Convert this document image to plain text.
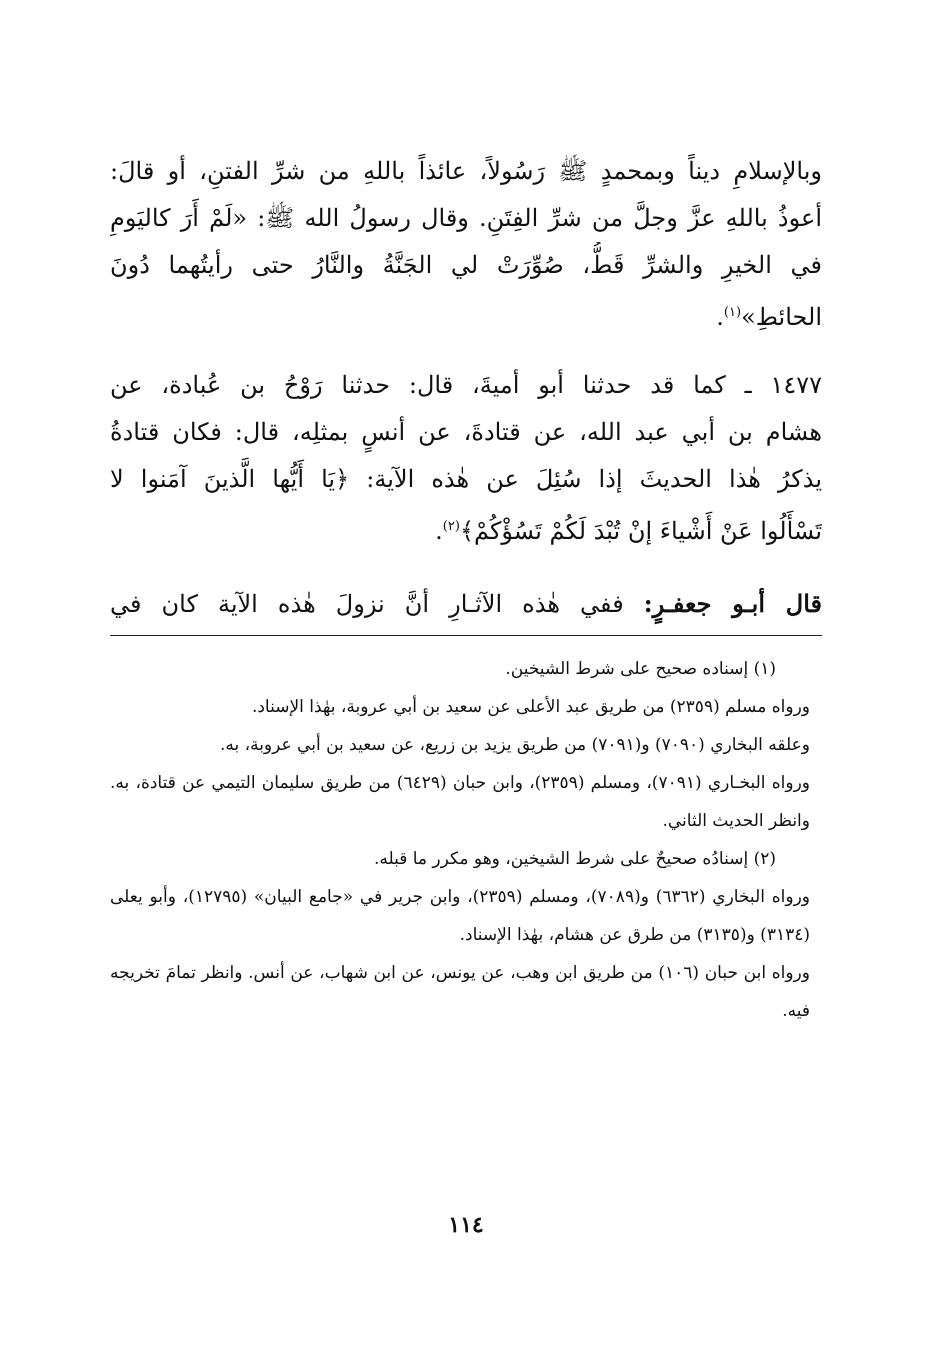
وبالإسلامِ ديناً وبمحمدٍ ﷺ رَسُولاً، عائذاً باللهِ من شرِّ الفتنِ، أو قالَ:
أعوذُ باللهِ عزَّ وجلَّ من شرِّ الفِتَنِ. وقال رسولُ الله ﷺ: «لَمْ أَرَ كاليَومِ
في الخيرِ والشرِّ قَطُّ، صُوِّرَتْ لي الجَنَّةُ والنَّارُ حتى رأيتُهما دُونَ
الحائطِ»$^{(١)}$.
١٤٧٧ ـ كما قد حدثنا أبو أميةَ، قال: حدثنا رَوْحُ بن عُبادة، عن
هشام بن أبي عبد الله، عن قتادةَ، عن أنسٍ بمثلِه، قال: فكان قتادةُ
يذكرُ هٰذا الحديثَ إذا سُئِلَ عن هٰذه الآية: ﴿يَا أَيُّها الَّذينَ آمَنوا لا
تَسْأَلُوا عَنْ أَشْياءَ إنْ تُبْدَ لَكُمْ تَسُؤْكُمْ﴾$^{(٢)}$.
قال أبـو جعفـرٍ: ففي هٰذه الآثـارِ أنَّ نزولَ هٰذه الآية كان في

(١) إسناده صحيح على شرط الشيخين.

ورواه مسلم (٢٣٥٩) من طريق عبد الأعلى عن سعيد بن أبي عروبة، بهٰذا الإسناد.

وعلقه البخاري (٧٠٩٠) و(٧٠٩١) من طريق يزيد بن زريع، عن سعيد بن أبي عروبة، به.

ورواه البخـاري (٧٠٩١)، ومسلم (٢٣٥٩)، وابن حبان (٦٤٢٩) من طريق سليمان التيمي عن قتادة، به. وانظر الحديث الثاني.

(٢) إسنادُه صحيحٌ على شرط الشيخين، وهو مكرر ما قبله.

ورواه البخاري (٦٣٦٢) و(٧٠٨٩)، ومسلم (٢٣٥٩)، وابن جرير في «جامع البيان» (١٢٧٩٥)، وأبو يعلى (٣١٣٤) و(٣١٣٥) من طرق عن هشام، بهٰذا الإسناد.

ورواه ابن حبان (١٠٦) من طريق ابن وهب، عن يونس، عن ابن شهاب، عن أنس. وانظر تمامَ تخريجه فيه.

١١٤
